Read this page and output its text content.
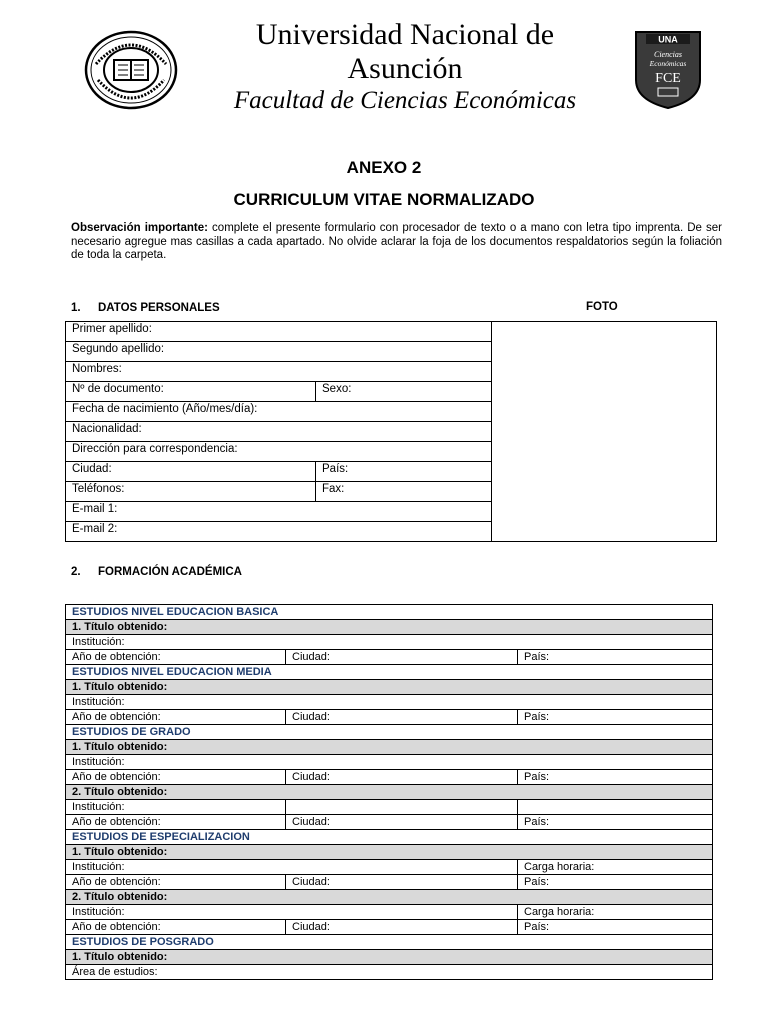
Universidad Nacional de
Asunción
Facultad de Ciencias Económicas
UNA
Ciencias
Económicas
FCE
ANEXO 2
CURRICULUM VITAE NORMALIZADO
Observación importante: complete el presente formulario con procesador de texto o a mano con letra tipo imprenta. De ser necesario agregue mas casillas a cada apartado. No olvide aclarar la foja de los documentos respaldatorios según la foliación de toda la carpeta.
1. DATOS PERSONALES	FOTO
Primer apellido:		
Segundo apellido:		
Nombres:		
Nº de documento:	Sexo:	
Fecha de nacimiento (Año/mes/día):		
Nacionalidad:		
Dirección para correspondencia:		
Ciudad:	País:	
Teléfonos:	Fax:	
E-mail 1:		
E-mail 2:		
2. FORMACIÓN ACADÉMICA
ESTUDIOS NIVEL EDUCACION BASICA		
1. Título obtenido:		
Institución:		
Año de obtención:	Ciudad:	País:
ESTUDIOS NIVEL EDUCACION MEDIA		
1. Título obtenido:		
Institución:		
Año de obtención:	Ciudad:	País:
ESTUDIOS DE GRADO		
1. Título obtenido:		
Institución:		
Año de obtención:	Ciudad:	País:
2. Título obtenido:		
Institución:		
Año de obtención:	Ciudad:	País:
ESTUDIOS DE ESPECIALIZACION		
1. Título obtenido:		
Institución:		Carga horaria:
Año de obtención:	Ciudad:	País:
2. Título obtenido:		
Institución:		Carga horaria:
Año de obtención:	Ciudad:	País:
ESTUDIOS DE POSGRADO		
1. Título obtenido:		
Área de estudios:		
